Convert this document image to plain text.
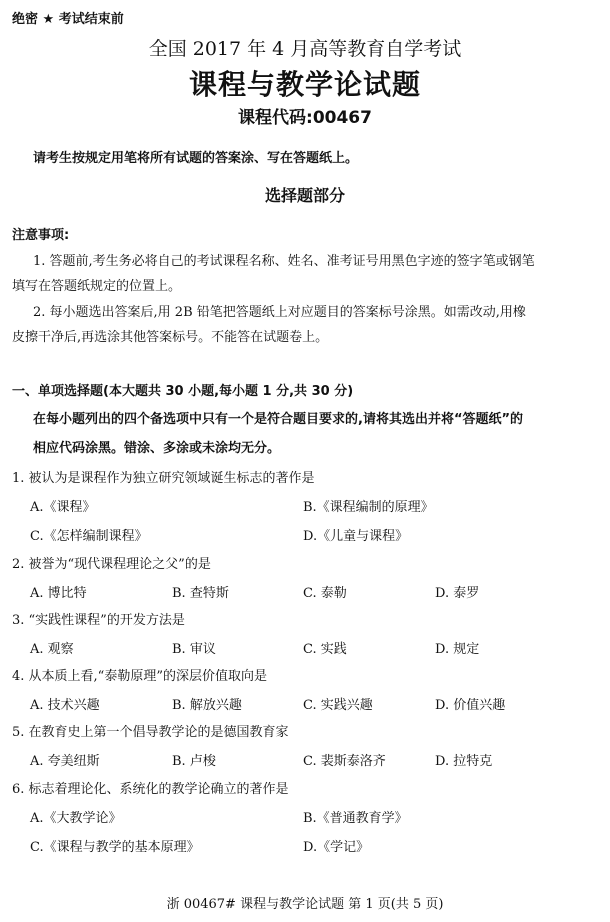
绝密 ★ 考试结束前
全国 2017 年 4 月高等教育自学考试
课程与教学论试题
课程代码:00467
请考生按规定用笔将所有试题的答案涂、写在答题纸上。
选择题部分
注意事项:
1. 答题前,考生务必将自己的考试课程名称、姓名、准考证号用黑色字迹的签字笔或钢笔
填写在答题纸规定的位置上。
2. 每小题选出答案后,用 2B 铅笔把答题纸上对应题目的答案标号涂黑。如需改动,用橡
皮擦干净后,再选涂其他答案标号。不能答在试题卷上。
一、单项选择题(本大题共 30 小题,每小题 1 分,共 30 分)
在每小题列出的四个备选项中只有一个是符合题目要求的,请将其选出并将“答题纸”的
相应代码涂黑。错涂、多涂或未涂均无分。
1. 被认为是课程作为独立研究领域诞生标志的著作是
A.《课程》	B.《课程编制的原理》
C.《怎样编制课程》	D.《儿童与课程》
2. 被誉为“现代课程理论之父”的是
A. 博比特	B. 查特斯	C. 泰勒	D. 泰罗
3. “实践性课程”的开发方法是
A. 观察	B. 审议	C. 实践	D. 规定
4. 从本质上看,“泰勒原理”的深层价值取向是
A. 技术兴趣	B. 解放兴趣	C. 实践兴趣	D. 价值兴趣
5. 在教育史上第一个倡导教学论的是德国教育家
A. 夸美纽斯	B. 卢梭	C. 裴斯泰洛齐	D. 拉特克
6. 标志着理论化、系统化的教学论确立的著作是
A.《大教学论》	B.《普通教育学》
C.《课程与教学的基本原理》	D.《学记》
浙 00467# 课程与教学论试题 第 1 页(共 5 页)
